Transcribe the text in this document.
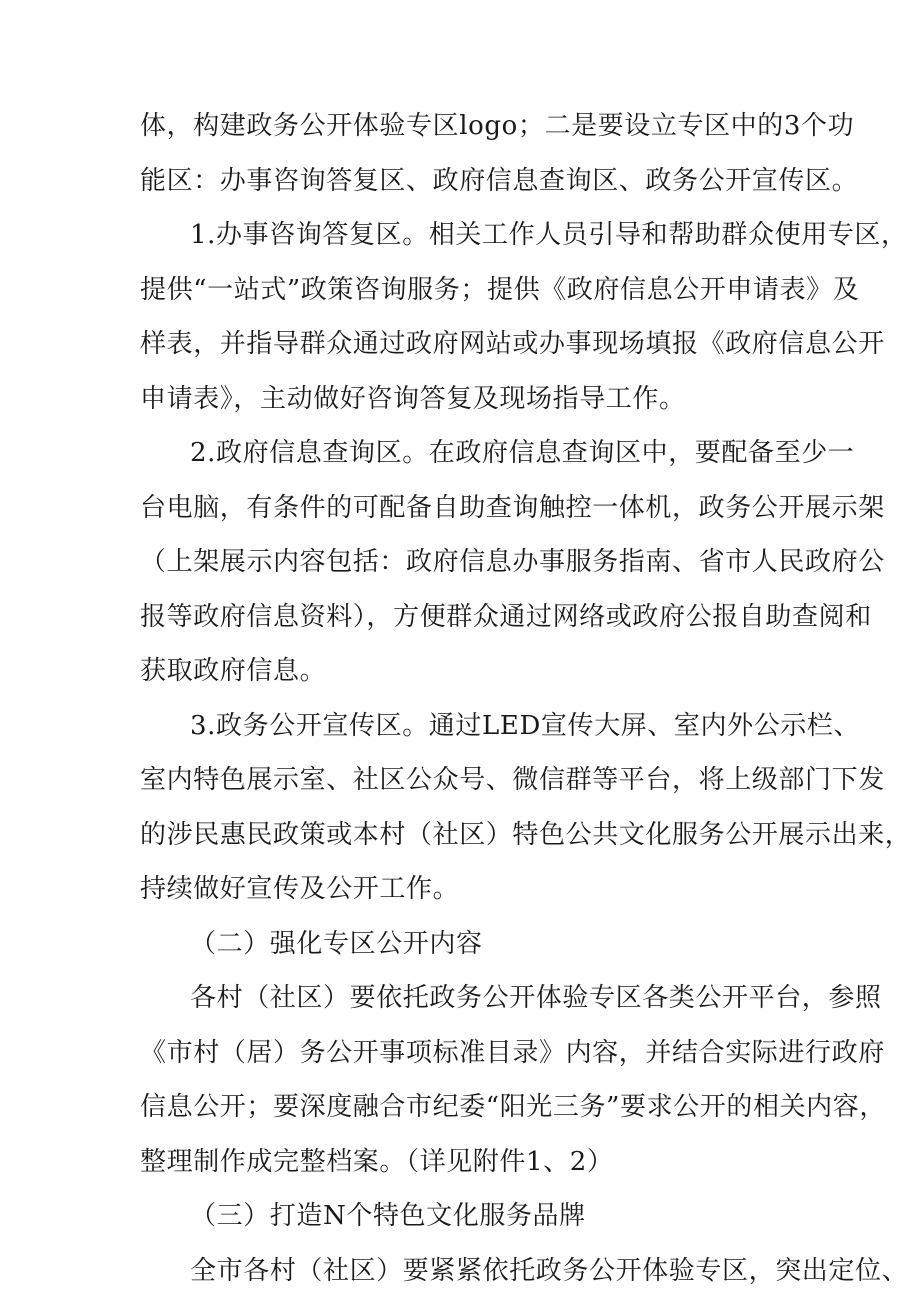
体，构建政务公开体验专区logo；二是要设立专区中的3个功
能区：办事咨询答复区、政府信息查询区、政务公开宣传区。
1.办事咨询答复区。相关工作人员引导和帮助群众使用专区，
提供“一站式”政策咨询服务；提供《政府信息公开申请表》及
样表，并指导群众通过政府网站或办事现场填报《政府信息公开
申请表》，主动做好咨询答复及现场指导工作。
2.政府信息查询区。在政府信息查询区中，要配备至少一
台电脑，有条件的可配备自助查询触控一体机，政务公开展示架
（上架展示内容包括：政府信息办事服务指南、省市人民政府公
报等政府信息资料），方便群众通过网络或政府公报自助查阅和
获取政府信息。
3.政务公开宣传区。通过LED宣传大屏、室内外公示栏、
室内特色展示室、社区公众号、微信群等平台，将上级部门下发
的涉民惠民政策或本村（社区）特色公共文化服务公开展示出来，
持续做好宣传及公开工作。
（二）强化专区公开内容
各村（社区）要依托政务公开体验专区各类公开平台，参照
《市村（居）务公开事项标准目录》内容，并结合实际进行政府
信息公开；要深度融合市纪委“阳光三务”要求公开的相关内容，
整理制作成完整档案。（详见附件1、2）
（三）打造N个特色文化服务品牌
全市各村（社区）要紧紧依托政务公开体验专区，突出定位、
